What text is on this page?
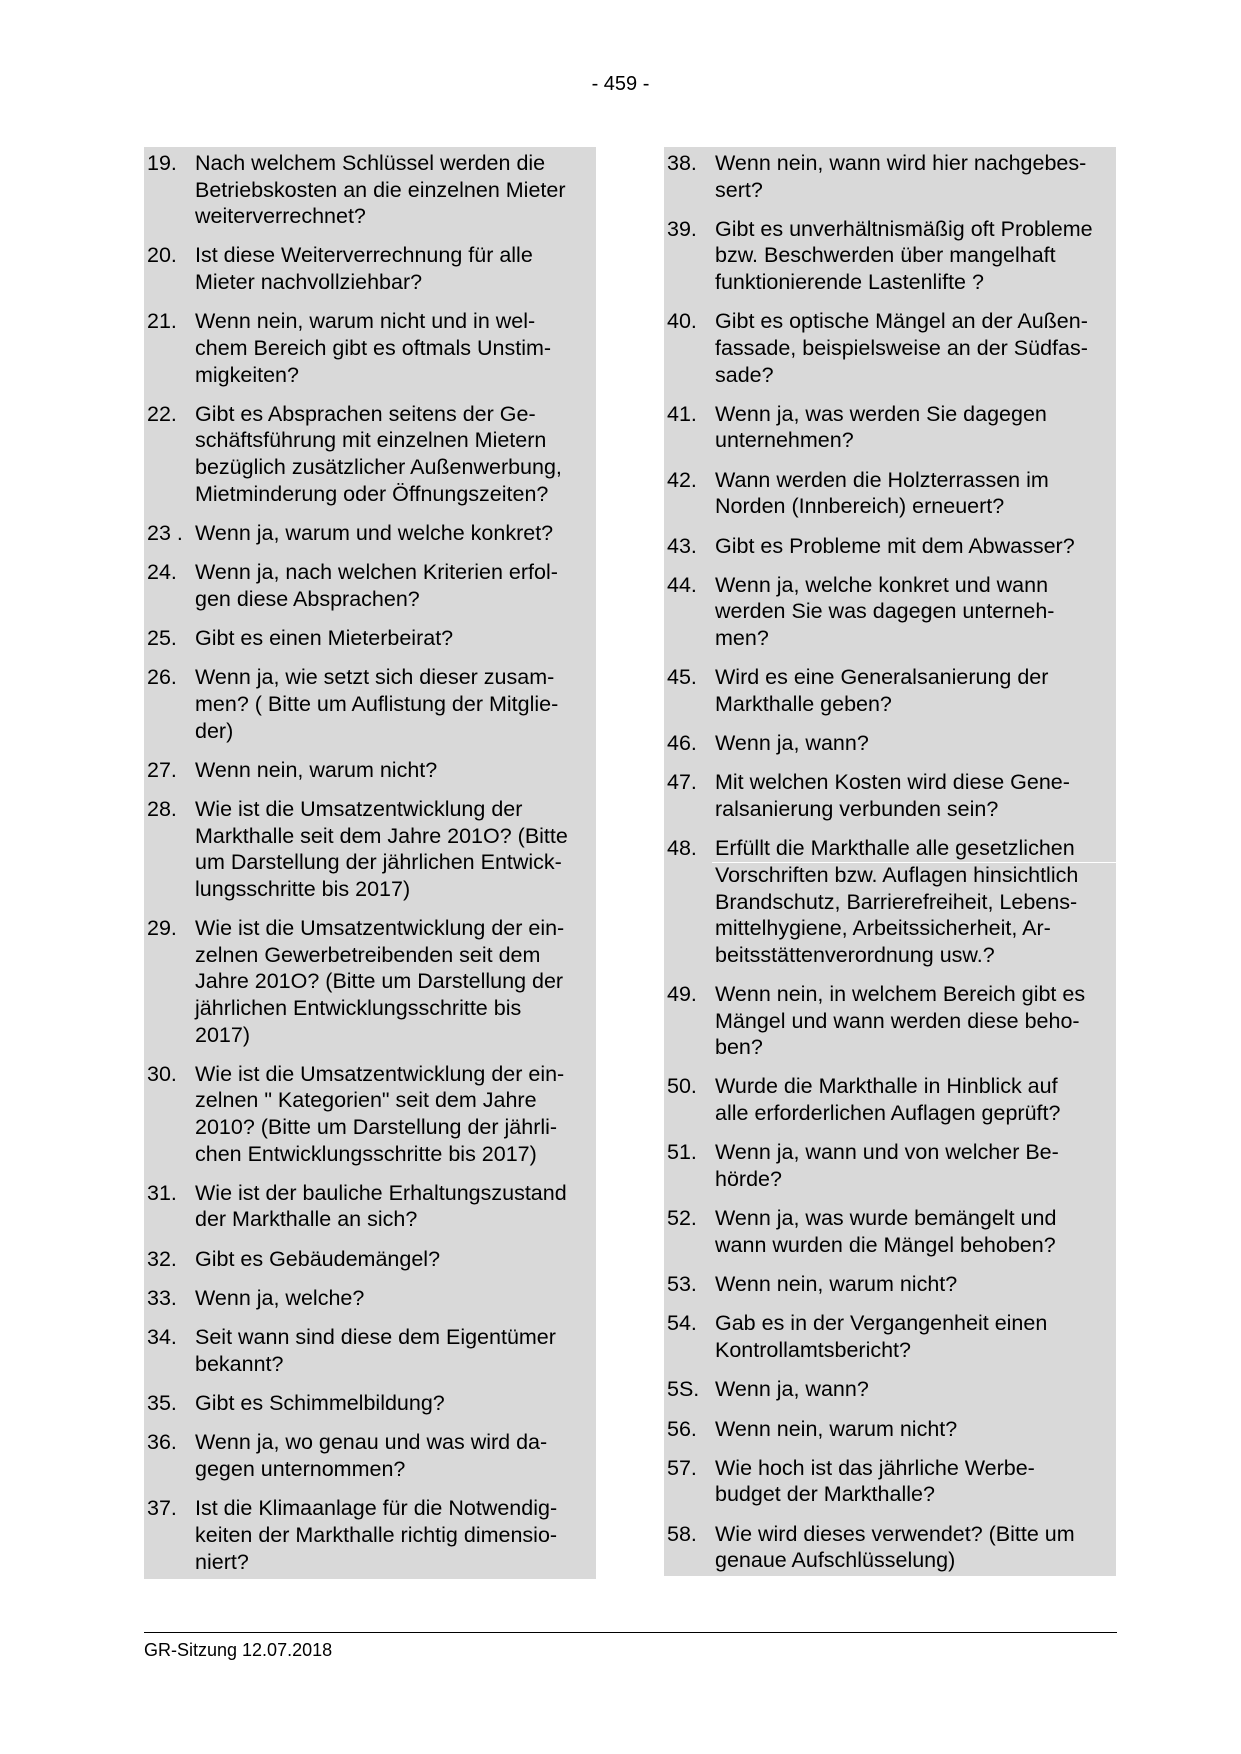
- 459 -
19. Nach welchem Schlüssel werden die
Betriebskosten an die einzelnen Mieter
weiterverrechnet?
20. Ist diese Weiterverrechnung für alle
Mieter nachvollziehbar?
21. Wenn nein, warum nicht und in wel-
chem Bereich gibt es oftmals Unstim-
migkeiten?
22. Gibt es Absprachen seitens der Ge-
schäftsführung mit einzelnen Mietern
bezüglich zusätzlicher Außenwerbung,
Mietminderung oder Öffnungszeiten?
23 . Wenn ja, warum und welche konkret?
24. Wenn ja, nach welchen Kriterien erfol-
gen diese Absprachen?
25. Gibt es einen Mieterbeirat?
26. Wenn ja, wie setzt sich dieser zusam-
men? ( Bitte um Auflistung der Mitglie-
der)
27. Wenn nein, warum nicht?
28. Wie ist die Umsatzentwicklung der
Markthalle seit dem Jahre 201O? (Bitte
um Darstellung der jährlichen Entwick-
lungsschritte bis 2017)
29. Wie ist die Umsatzentwicklung der ein-
zelnen Gewerbetreibenden seit dem
Jahre 201O? (Bitte um Darstellung der
jährlichen Entwicklungsschritte bis
2017)
30. Wie ist die Umsatzentwicklung der ein-
zelnen " Kategorien" seit dem Jahre
2010? (Bitte um Darstellung der jährli-
chen Entwicklungsschritte bis 2017)
31. Wie ist der bauliche Erhaltungszustand
der Markthalle an sich?
32. Gibt es Gebäudemängel?
33. Wenn ja, welche?
34. Seit wann sind diese dem Eigentümer
bekannt?
35. Gibt es Schimmelbildung?
36. Wenn ja, wo genau und was wird da-
gegen unternommen?
37. Ist die Klimaanlage für die Notwendig-
keiten der Markthalle richtig dimensio-
niert?
38. Wenn nein, wann wird hier nachgebes-
sert?
39. Gibt es unverhältnismäßig oft Probleme
bzw. Beschwerden über mangelhaft
funktionierende Lastenlifte ?
40. Gibt es optische Mängel an der Außen-
fassade, beispielsweise an der Südfas-
sade?
41. Wenn ja, was werden Sie dagegen
unternehmen?
42. Wann werden die Holzterrassen im
Norden (Innbereich) erneuert?
43. Gibt es Probleme mit dem Abwasser?
44. Wenn ja, welche konkret und wann
werden Sie was dagegen unterneh-
men?
45. Wird es eine Generalsanierung der
Markthalle geben?
46. Wenn ja, wann?
47. Mit welchen Kosten wird diese Gene-
ralsanierung verbunden sein?
48. Erfüllt die Markthalle alle gesetzlichen
Vorschriften bzw. Auflagen hinsichtlich
Brandschutz, Barrierefreiheit, Lebens-
mittelhygiene, Arbeitssicherheit, Ar-
beitsstättenverordnung usw.?
49. Wenn nein, in welchem Bereich gibt es
Mängel und wann werden diese beho-
ben?
50. Wurde die Markthalle in Hinblick auf
alle erforderlichen Auflagen geprüft?
51. Wenn ja, wann und von welcher Be-
hörde?
52. Wenn ja, was wurde bemängelt und
wann wurden die Mängel behoben?
53. Wenn nein, warum nicht?
54. Gab es in der Vergangenheit einen
Kontrollamtsbericht?
5S. Wenn ja, wann?
56. Wenn nein, warum nicht?
57. Wie hoch ist das jährliche Werbe-
budget der Markthalle?
58. Wie wird dieses verwendet? (Bitte um
genaue Aufschlüsselung)
GR-Sitzung 12.07.2018
